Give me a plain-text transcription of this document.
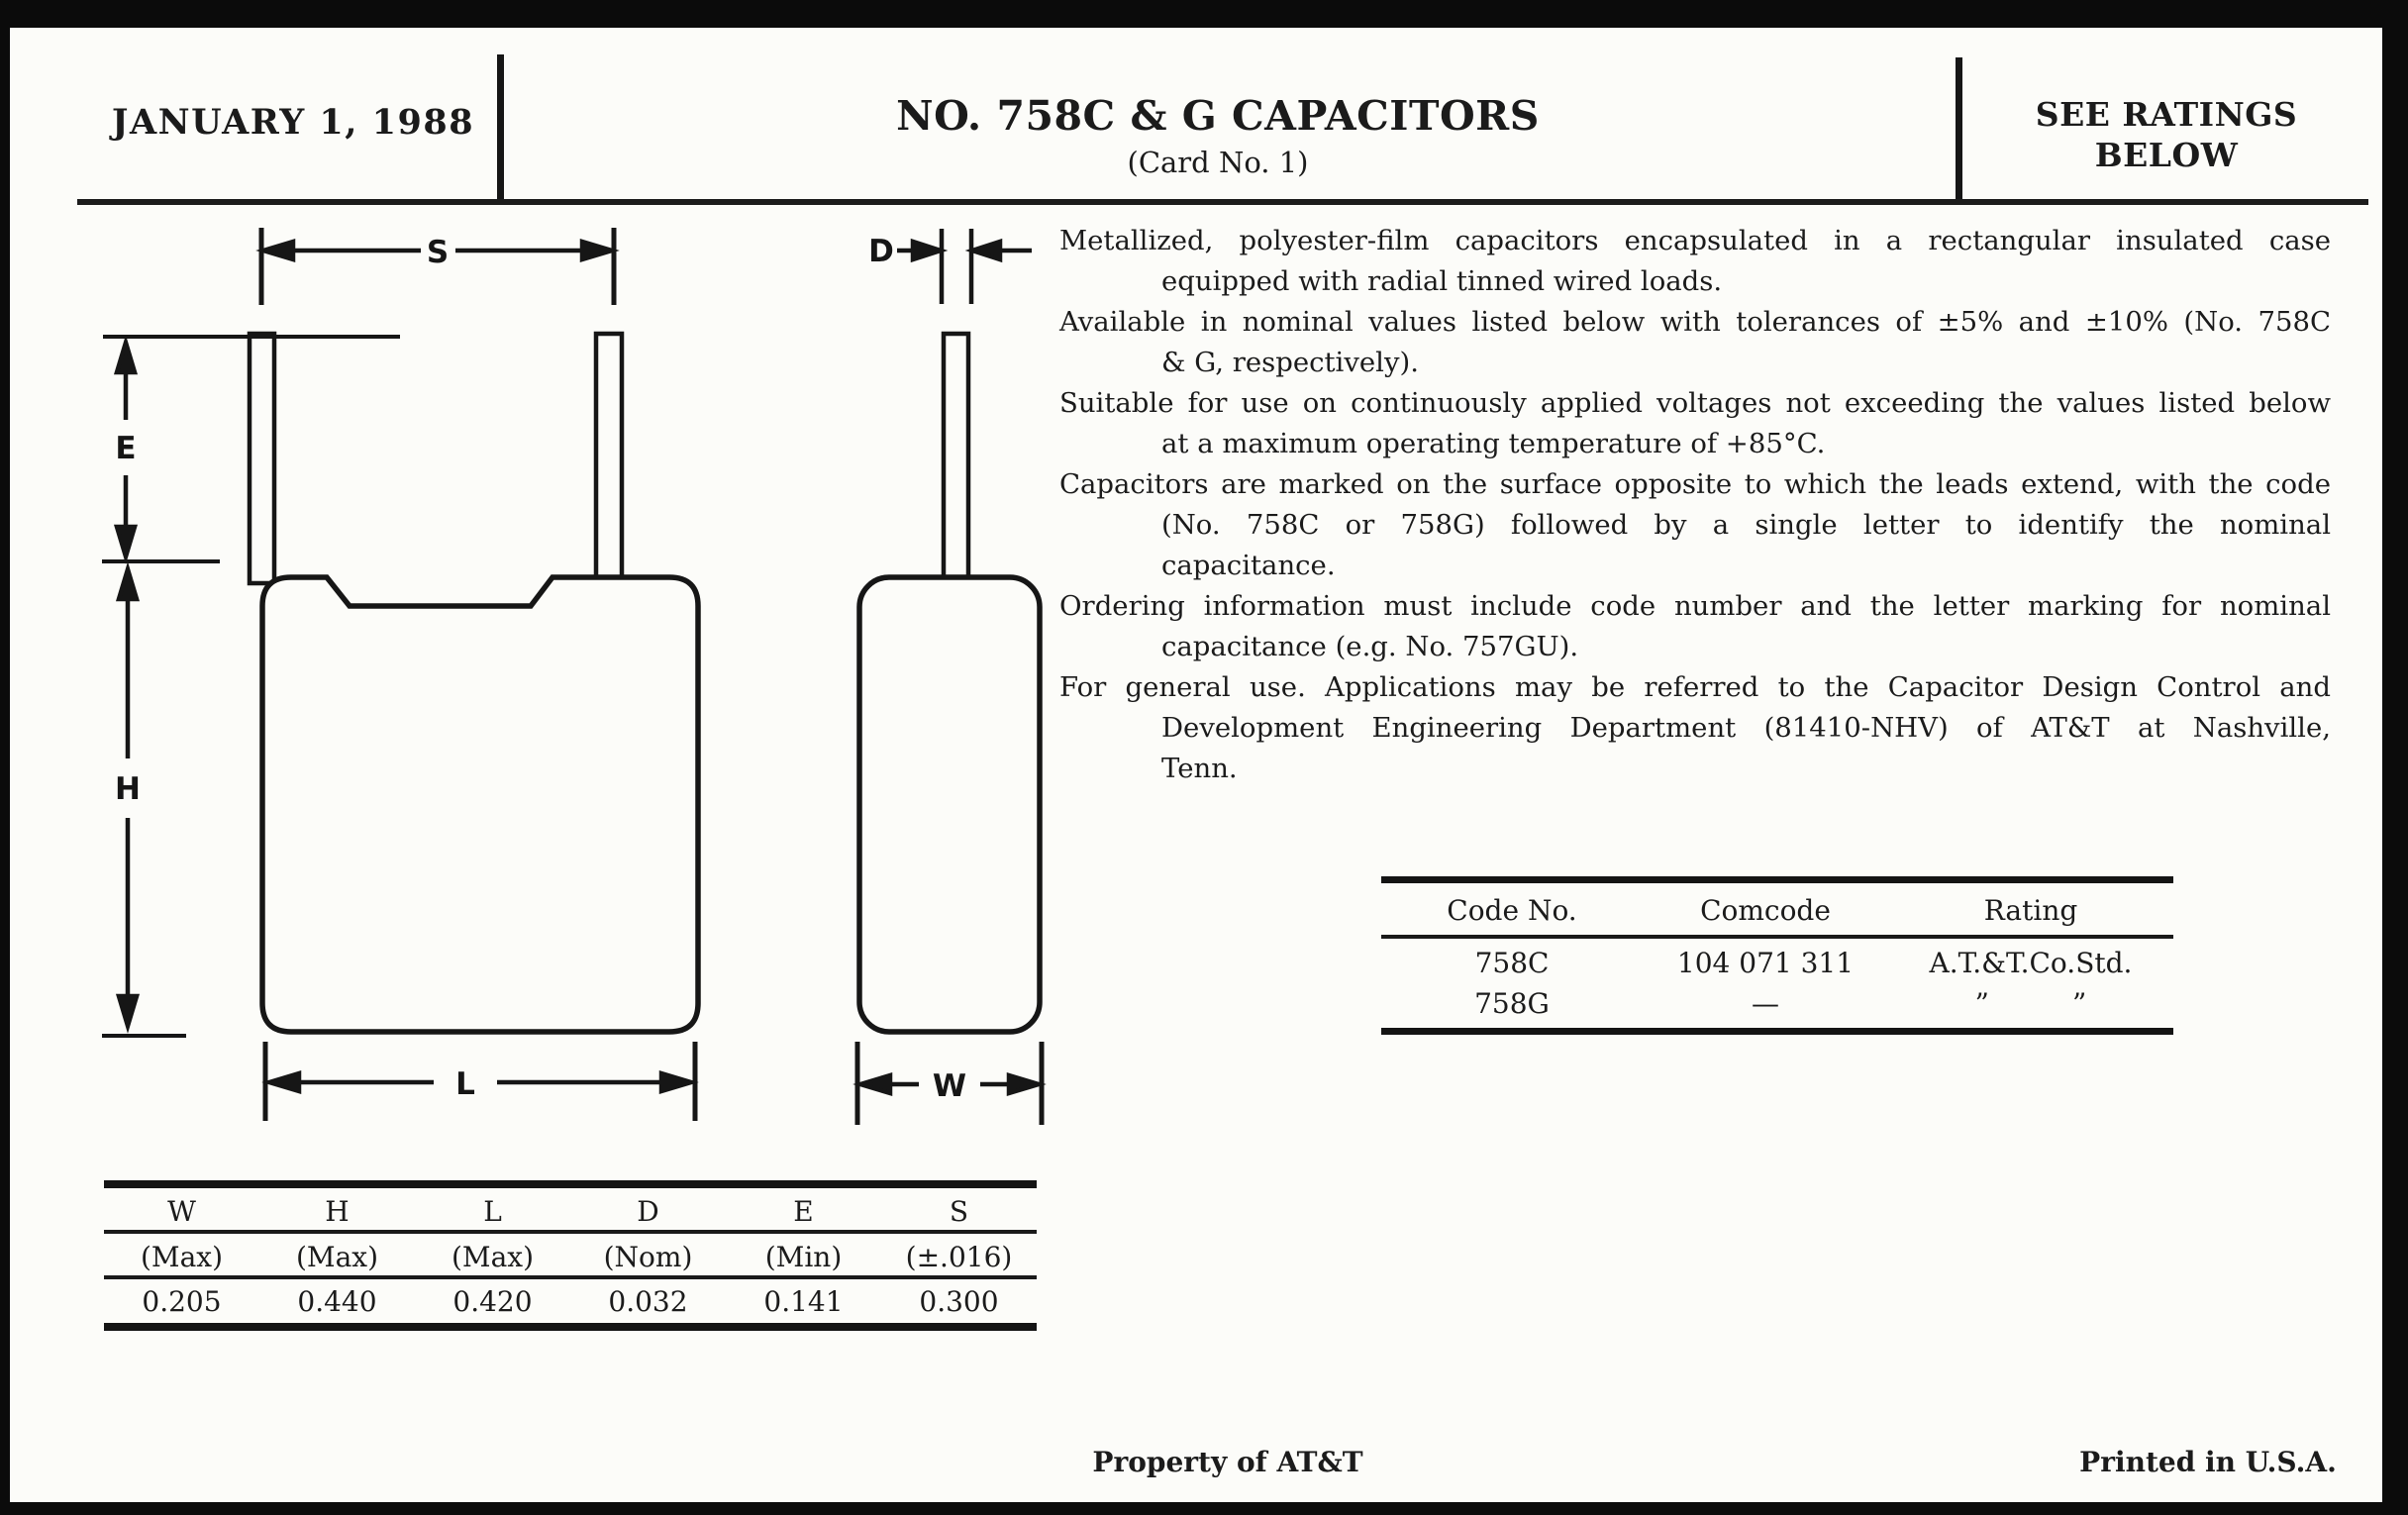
JANUARY 1, 1988	NO. 758C & G CAPACITORS
(Card No. 1)
SEE RATINGS
BELOW
S
E
H
L
D
W
Metallized, polyester-film capacitors encapsulated in a rectangular insulated case
equipped with radial tinned wired loads.
Available in nominal values listed below with tolerances of ±5% and ±10% (No. 758C
& G, respectively).
Suitable for use on continuously applied voltages not exceeding the values listed below
at a maximum operating temperature of +85°C.
Capacitors are marked on the surface opposite to which the leads extend, with the code
(No. 758C or 758G) followed by a single letter to identify the nominal
capacitance.
Ordering information must include code number and the letter marking for nominal
capacitance (e.g. No. 757GU).
For general use. Applications may be referred to the Capacitor Design Control and
Development Engineering Department (81410-NHV) of AT&T at Nashville,
Tenn.
Code No.	Comcode	Rating
758C	104 071 311	A.T.&T.Co.Std.
758G	—	”   ”
W	H	L	D	E	S
(Max)	(Max)	(Max)	(Nom)	(Min)	(±.016)
0.205	0.440	0.420	0.032	0.141	0.300
Property of AT&T	Printed in U.S.A.
